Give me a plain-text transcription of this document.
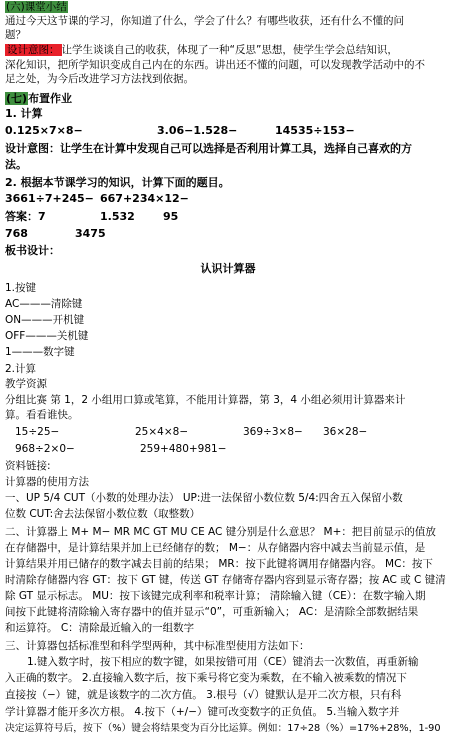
(六)课堂小结
通过今天这节课的学习，你知道了什么，学会了什么？有哪些收获，还有什么不懂的问
题？
设计意图： 让学生谈谈自己的收获，体现了一种“反思”思想，使学生学会总结知识，
深化知识，把所学知识变成自己内在的东西。讲出还不懂的问题，可以发现教学活动中的不
足之处，为今后改进学习方法找到依据。
(七)布置作业
1. 计算
0.125×7×8−	3.06−1.528−	14535÷153−
设计意图：让学生在计算中发现自己可以选择是否利用计算工具，选择自己喜欢的方
法。
2. 根据本节课学习的知识，计算下面的题目。
3661÷7+245− 667+234×12−
答案：7	1.532	95
768	3475
板书设计：
认识计算器
1.按键
AC———清除键
ON———开机键
OFF———关机键
1———数字键
2.计算
教学资源
分组比赛 第 1，2 小组用口算或笔算，不能用计算器，第 3，4 小组必须用计算器来计
算。看看谁快。
15÷25−	25×4×8−	369÷3×8− 36×28−
968÷2×0−	259+480+981−
资料链接:
计算器的使用方法
一、UP 5/4 CUT（小数的处理办法） UP:进一法保留小数位数 5/4:四舍五入保留小数
位数 CUT:舍去法保留小数位数（取整数）
二、计算器上 M+ M− MR MC GT MU CE AC 键分别是什么意思？ M+：把目前显示的值放
在存储器中，是计算结果并加上已经储存的数； M−：从存储器内容中减去当前显示值，是
计算结果并用已储存的数字减去目前的结果； MR：按下此键将调用存储器内容。 MC：按下
时清除存储器内容 GT：按下 GT 键，传送 GT 存储寄存器内容到显示寄存器；按 AC 或 C 键清
除 GT 显示标志。 MU：按下该键完成利率和税率计算； 清除输入键（CE）：在数字输入期
间按下此键将清除输入寄存器中的值并显示“0”，可重新输入； AC：是清除全部数据结果
和运算符。 C：清除最近输入的一组数字
三、计算器包括标准型和科学型两种，其中标准型使用方法如下：
1.键入数字时，按下相应的数字键，如果按错可用（CE）键消去一次数值，再重新输
入正确的数字。 2.直接输入数字后，按下乘号将它变为乘数，在不输入被乘数的情况下
直接按（−）键，就是该数字的二次方值。 3.根号（√）键默认是开二次方根，只有科
学计算器才能开多次方根。 4.按下（+/−）键可改变数字的正负值。 5.当输入数字并
决定运算符号后，按下（%）键会将结果变为百分比运算。例如：17÷28（%）=17%+28%，1-90
